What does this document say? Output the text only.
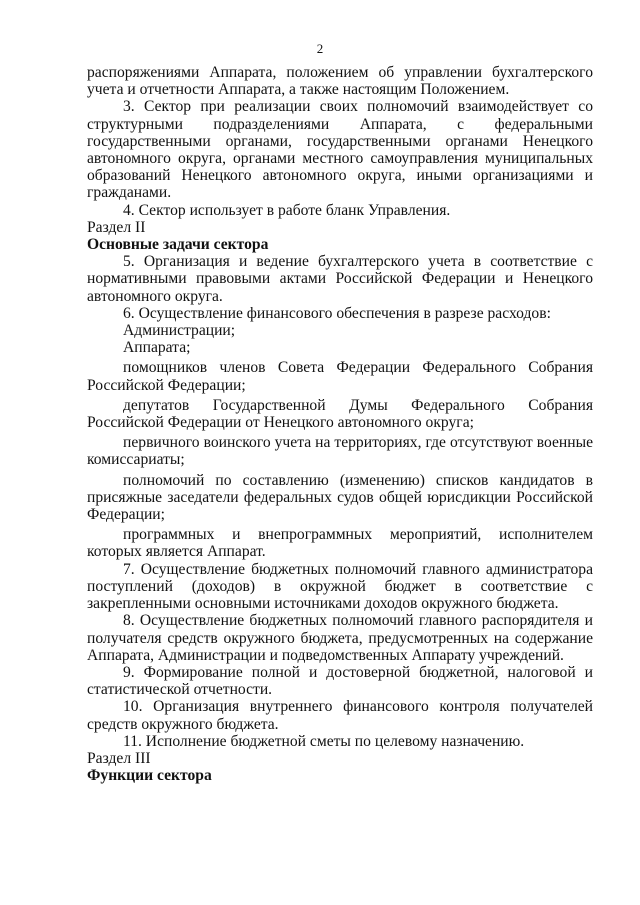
2

распоряжениями Аппарата, положением об управлении бухгалтерского учета и отчетности Аппарата, а также настоящим Положением.

3. Сектор при реализации своих полномочий взаимодействует со структурными подразделениями Аппарата, с федеральными государственными органами, государственными органами Ненецкого автономного округа, органами местного самоуправления муниципальных образований Ненецкого автономного округа, иными организациями и гражданами.

4. Сектор использует в работе бланк Управления.

Раздел II

Основные задачи сектора

5. Организация и ведение бухгалтерского учета в соответствие с нормативными правовыми актами Российской Федерации и Ненецкого автономного округа.

6. Осуществление финансового обеспечения в разрезе расходов:

Администрации;

Аппарата;

помощников членов Совета Федерации Федерального Собрания Российской Федерации;

депутатов Государственной Думы Федерального Собрания Российской Федерации от Ненецкого автономного округа;

первичного воинского учета на территориях, где отсутствуют военные комиссариаты;

полномочий по составлению (изменению) списков кандидатов в присяжные заседатели федеральных судов общей юрисдикции Российской Федерации;

программных и внепрограммных мероприятий, исполнителем которых является Аппарат.

7. Осуществление бюджетных полномочий главного администратора поступлений (доходов) в окружной бюджет в соответствие с закрепленными основными источниками доходов окружного бюджета.

8. Осуществление бюджетных полномочий главного распорядителя и получателя средств окружного бюджета, предусмотренных на содержание Аппарата, Администрации и подведомственных Аппарату учреждений.

9. Формирование полной и достоверной бюджетной, налоговой и статистической отчетности.

10. Организация внутреннего финансового контроля получателей средств окружного бюджета.

11. Исполнение бюджетной сметы по целевому назначению.

Раздел III

Функции сектора
